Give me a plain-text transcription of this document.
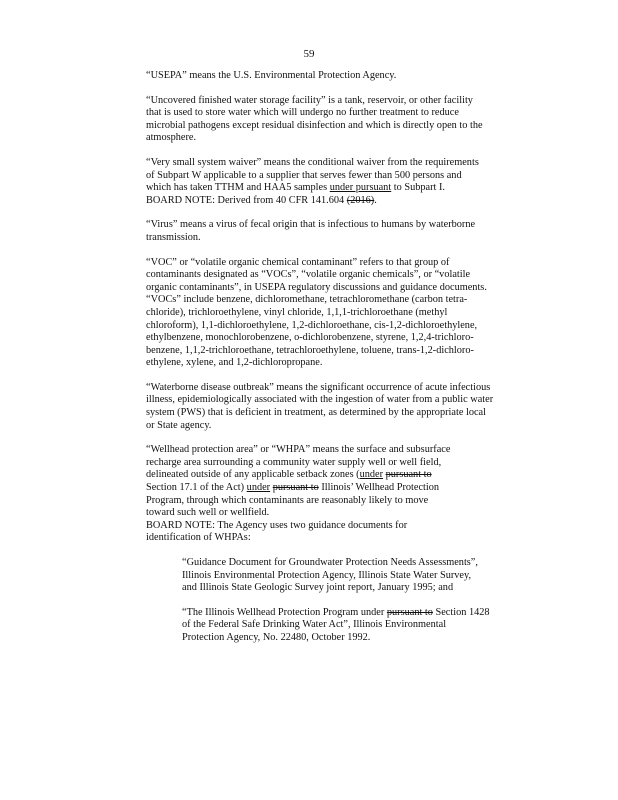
59

“USEPA” means the U.S. Environmental Protection Agency.

“Uncovered finished water storage facility” is a tank, reservoir, or other facility
that is used to store water which will undergo no further treatment to reduce
microbial pathogens except residual disinfection and which is directly open to the
atmosphere.

“Very small system waiver” means the conditional waiver from the requirements
of Subpart W applicable to a supplier that serves fewer than 500 persons and
which has taken TTHM and HAA5 samples under pursuant to Subpart I.
BOARD NOTE: Derived from 40 CFR 141.604 (2016).

“Virus” means a virus of fecal origin that is infectious to humans by waterborne
transmission.

“VOC” or “volatile organic chemical contaminant” refers to that group of
contaminants designated as “VOCs”, “volatile organic chemicals”, or “volatile
organic contaminants”, in USEPA regulatory discussions and guidance documents.
“VOCs” include benzene, dichloromethane, tetrachloromethane (carbon tetra-
chloride), trichloroethylene, vinyl chloride, 1,1,1-trichloroethane (methyl
chloroform), 1,1-dichloroethylene, 1,2-dichloroethane, cis-1,2-dichloroethylene,
ethylbenzene, monochlorobenzene, o-dichlorobenzene, styrene, 1,2,4-trichloro-
benzene, 1,1,2-trichloroethane, tetrachloroethylene, toluene, trans-1,2-dichloro-
ethylene, xylene, and 1,2-dichloropropane.

“Waterborne disease outbreak” means the significant occurrence of acute infectious
illness, epidemiologically associated with the ingestion of water from a public water
system (PWS) that is deficient in treatment, as determined by the appropriate local
or State agency.

“Wellhead protection area” or “WHPA” means the surface and subsurface
recharge area surrounding a community water supply well or well field,
delineated outside of any applicable setback zones (under pursuant to
Section 17.1 of the Act) under pursuant to Illinois’ Wellhead Protection
Program, through which contaminants are reasonably likely to move
toward such well or wellfield.
BOARD NOTE: The Agency uses two guidance documents for
identification of WHPAs:

“Guidance Document for Groundwater Protection Needs Assessments”,
Illinois Environmental Protection Agency, Illinois State Water Survey,
and Illinois State Geologic Survey joint report, January 1995; and

“The Illinois Wellhead Protection Program under pursuant to Section 1428
of the Federal Safe Drinking Water Act”, Illinois Environmental
Protection Agency, No. 22480, October 1992.
